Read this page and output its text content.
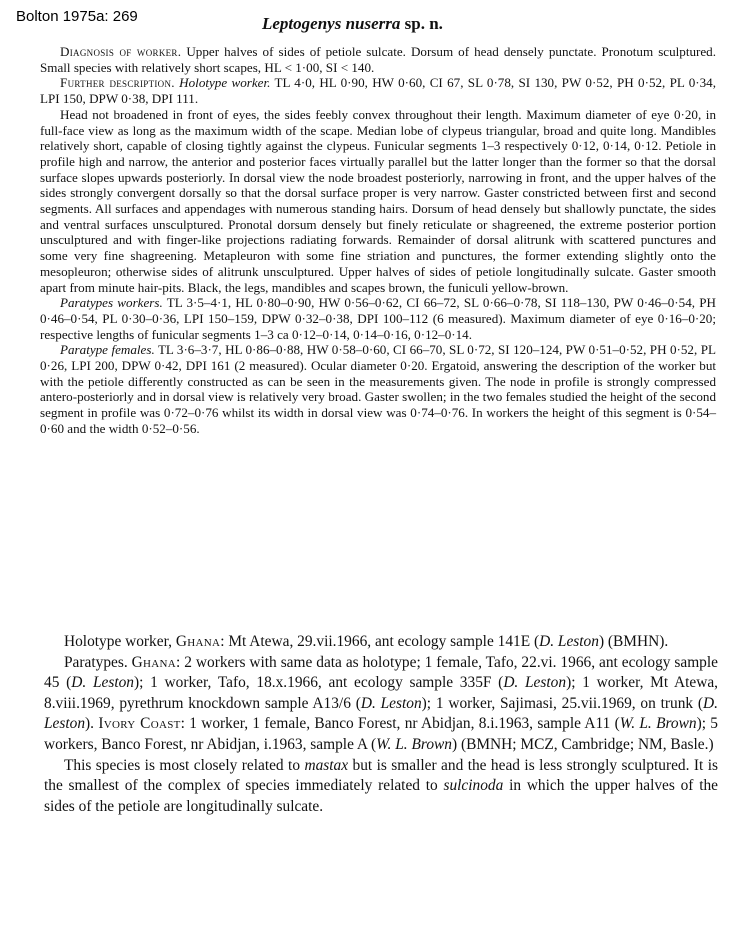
Bolton 1975a: 269	Leptogenys nuserra sp. n.

Diagnosis of worker. Upper halves of sides of petiole sulcate. Dorsum of head densely punctate. Pronotum sculptured. Small species with relatively short scapes, HL < 1·00, SI < 140.

Further description. Holotype worker. TL 4·0, HL 0·90, HW 0·60, CI 67, SL 0·78, SI 130, PW 0·52, PH 0·52, PL 0·34, LPI 150, DPW 0·38, DPI 111.

Head not broadened in front of eyes, the sides feebly convex throughout their length. Maximum diameter of eye 0·20, in full-face view as long as the maximum width of the scape. Median lobe of clypeus triangular, broad and quite long. Mandibles relatively short, capable of closing tightly against the clypeus. Funicular segments 1–3 respectively 0·12, 0·14, 0·12. Petiole in profile high and narrow, the anterior and posterior faces virtually parallel but the latter longer than the former so that the dorsal surface slopes upwards posteriorly. In dorsal view the node broadest posteriorly, narrowing in front, and the upper halves of the sides strongly convergent dorsally so that the dorsal surface proper is very narrow. Gaster constricted between first and second segments. All surfaces and appendages with numerous standing hairs. Dorsum of head densely but shallowly punctate, the sides and ventral surfaces unsculptured. Pronotal dorsum densely but finely reticulate or shagreened, the extreme posterior portion unsculptured and with finger-like projections radiating forwards. Remainder of dorsal alitrunk with scattered punctures and some very fine shagreening. Metapleuron with some fine striation and punctures, the former extending slightly onto the mesopleuron; otherwise sides of alitrunk unsculptured. Upper halves of sides of petiole longitudinally sulcate. Gaster smooth apart from minute hair-pits. Black, the legs, mandibles and scapes brown, the funiculi yellow-brown.

Paratypes workers. TL 3·5–4·1, HL 0·80–0·90, HW 0·56–0·62, CI 66–72, SL 0·66–0·78, SI 118–130, PW 0·46–0·54, PH 0·46–0·54, PL 0·30–0·36, LPI 150–159, DPW 0·32–0·38, DPI 100–112 (6 measured). Maximum diameter of eye 0·16–0·20; respective lengths of funicular segments 1–3 ca 0·12–0·14, 0·14–0·16, 0·12–0·14.

Paratype females. TL 3·6–3·7, HL 0·86–0·88, HW 0·58–0·60, CI 66–70, SL 0·72, SI 120–124, PW 0·51–0·52, PH 0·52, PL 0·26, LPI 200, DPW 0·42, DPI 161 (2 measured). Ocular diameter 0·20. Ergatoid, answering the description of the worker but with the petiole differently constructed as can be seen in the measurements given. The node in profile is strongly compressed antero-posteriorly and in dorsal view is relatively very broad. Gaster swollen; in the two females studied the height of the second segment in profile was 0·72–0·76 whilst its width in dorsal view was 0·74–0·76. In workers the height of this segment is 0·54–0·60 and the width 0·52–0·56.

Holotype worker, Ghana: Mt Atewa, 29.vii.1966, ant ecology sample 141E (D. Leston) (BMHN).

Paratypes. Ghana: 2 workers with same data as holotype; 1 female, Tafo, 22.vi. 1966, ant ecology sample 45 (D. Leston); 1 worker, Tafo, 18.x.1966, ant ecology sample 335F (D. Leston); 1 worker, Mt Atewa, 8.viii.1969, pyrethrum knockdown sample A13/6 (D. Leston); 1 worker, Sajimasi, 25.vii.1969, on trunk (D. Leston). Ivory Coast: 1 worker, 1 female, Banco Forest, nr Abidjan, 8.i.1963, sample A11 (W. L. Brown); 5 workers, Banco Forest, nr Abidjan, i.1963, sample A (W. L. Brown) (BMNH; MCZ, Cambridge; NM, Basle.)

This species is most closely related to mastax but is smaller and the head is less strongly sculptured. It is the smallest of the complex of species immediately related to sulcinoda in which the upper halves of the sides of the petiole are longitudinally sulcate.
